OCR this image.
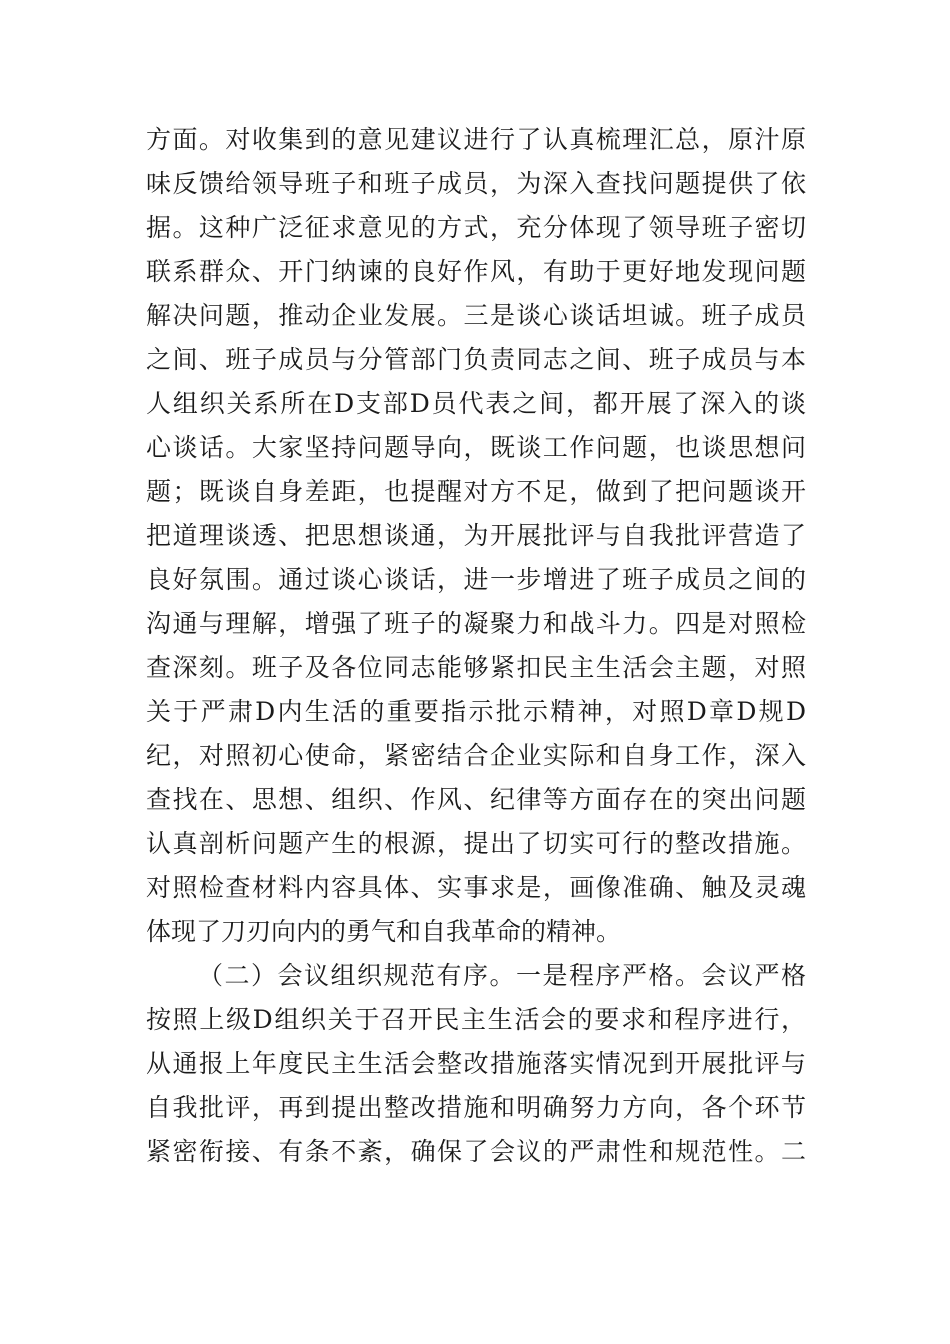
方面。对收集到的意见建议进行了认真梳理汇总，原汁原
味反馈给领导班子和班子成员，为深入查找问题提供了依
据。这种广泛征求意见的方式，充分体现了领导班子密切
联系群众、开门纳谏的良好作风，有助于更好地发现问题
解决问题，推动企业发展。三是谈心谈话坦诚。班子成员
之间、班子成员与分管部门负责同志之间、班子成员与本
人组织关系所在D支部D员代表之间，都开展了深入的谈
心谈话。大家坚持问题导向，既谈工作问题，也谈思想问
题；既谈自身差距，也提醒对方不足，做到了把问题谈开
把道理谈透、把思想谈通，为开展批评与自我批评营造了
良好氛围。通过谈心谈话，进一步增进了班子成员之间的
沟通与理解，增强了班子的凝聚力和战斗力。四是对照检
查深刻。班子及各位同志能够紧扣民主生活会主题，对照
关于严肃D内生活的重要指示批示精神，对照D章D规D
纪，对照初心使命，紧密结合企业实际和自身工作，深入
查找在、思想、组织、作风、纪律等方面存在的突出问题
认真剖析问题产生的根源，提出了切实可行的整改措施。
对照检查材料内容具体、实事求是，画像准确、触及灵魂
体现了刀刃向内的勇气和自我革命的精神。
（二）会议组织规范有序。一是程序严格。会议严格
按照上级D组织关于召开民主生活会的要求和程序进行，
从通报上年度民主生活会整改措施落实情况到开展批评与
自我批评，再到提出整改措施和明确努力方向，各个环节
紧密衔接、有条不紊，确保了会议的严肃性和规范性。二
